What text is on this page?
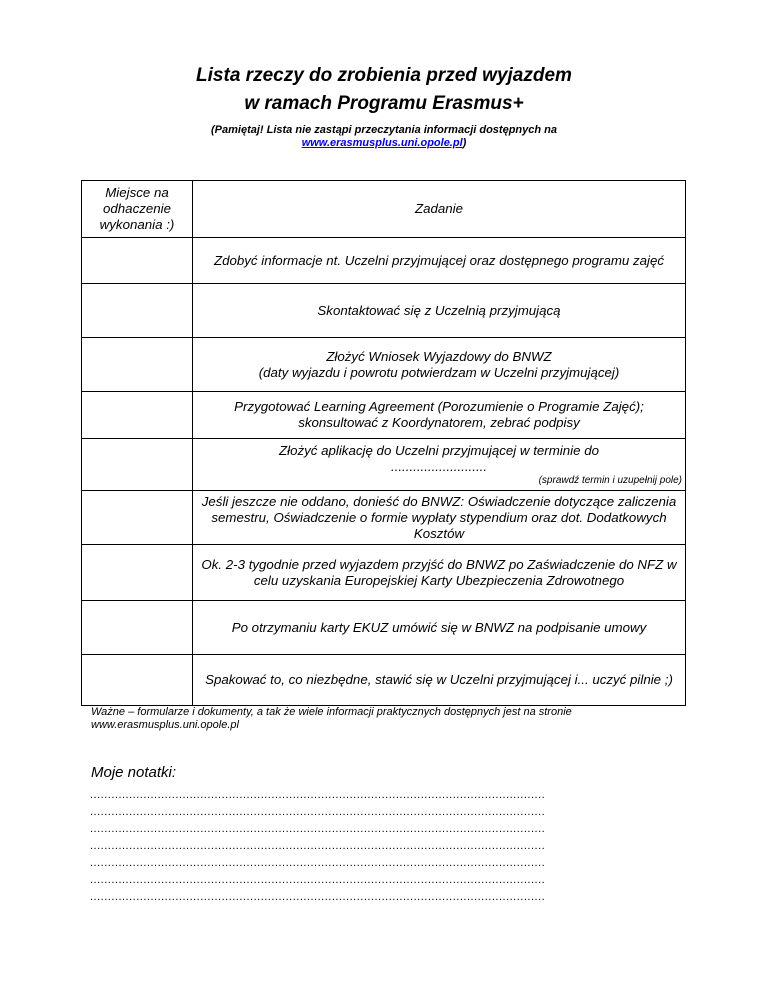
Lista rzeczy do zrobienia przed wyjazdem
w ramach Programu Erasmus+
(Pamiętaj! Lista nie zastąpi przeczytania informacji dostępnych na
www.erasmusplus.uni.opole.pl)
Miejsce na odhaczenie wykonania :)	Zadanie
	Zdobyć informacje nt. Uczelni przyjmującej oraz dostępnego programu zajęć
	Skontaktować się z Uczelnią przyjmującą

	Złożyć Wniosek Wyjazdowy do BNWZ
(daty wyjazdu i powrotu potwierdzam w Uczelni przyjmującej)

	Przygotować Learning Agreement (Porozumienie o Programie Zajęć); skonsultować z Koordynatorem, zebrać podpisy

	Złożyć aplikację do Uczelni przyjmującej w terminie do
..........................
(sprawdź termin i uzupełnij pole)

	Jeśli jeszcze nie oddano, donieść do BNWZ: Oświadczenie dotyczące zaliczenia semestru, Oświadczenie o formie wypłaty stypendium oraz dot. Dodatkowych Kosztów
	Ok. 2-3 tygodnie przed wyjazdem przyjść do BNWZ po Zaświadczenie do NFZ w celu uzyskania Europejskiej Karty Ubezpieczenia Zdrowotnego
	Po otrzymaniu karty EKUZ umówić się w BNWZ na podpisanie umowy
	Spakować to, co niezbędne, stawić się w Uczelni przyjmującej i... uczyć pilnie ;)
Ważne – formularze i dokumenty, a tak że wiele informacji praktycznych dostępnych jest na stronie www.erasmusplus.uni.opole.pl
Moje notatki:
................................................................................................................................
................................................................................................................................
................................................................................................................................
................................................................................................................................
................................................................................................................................
................................................................................................................................
................................................................................................................................
